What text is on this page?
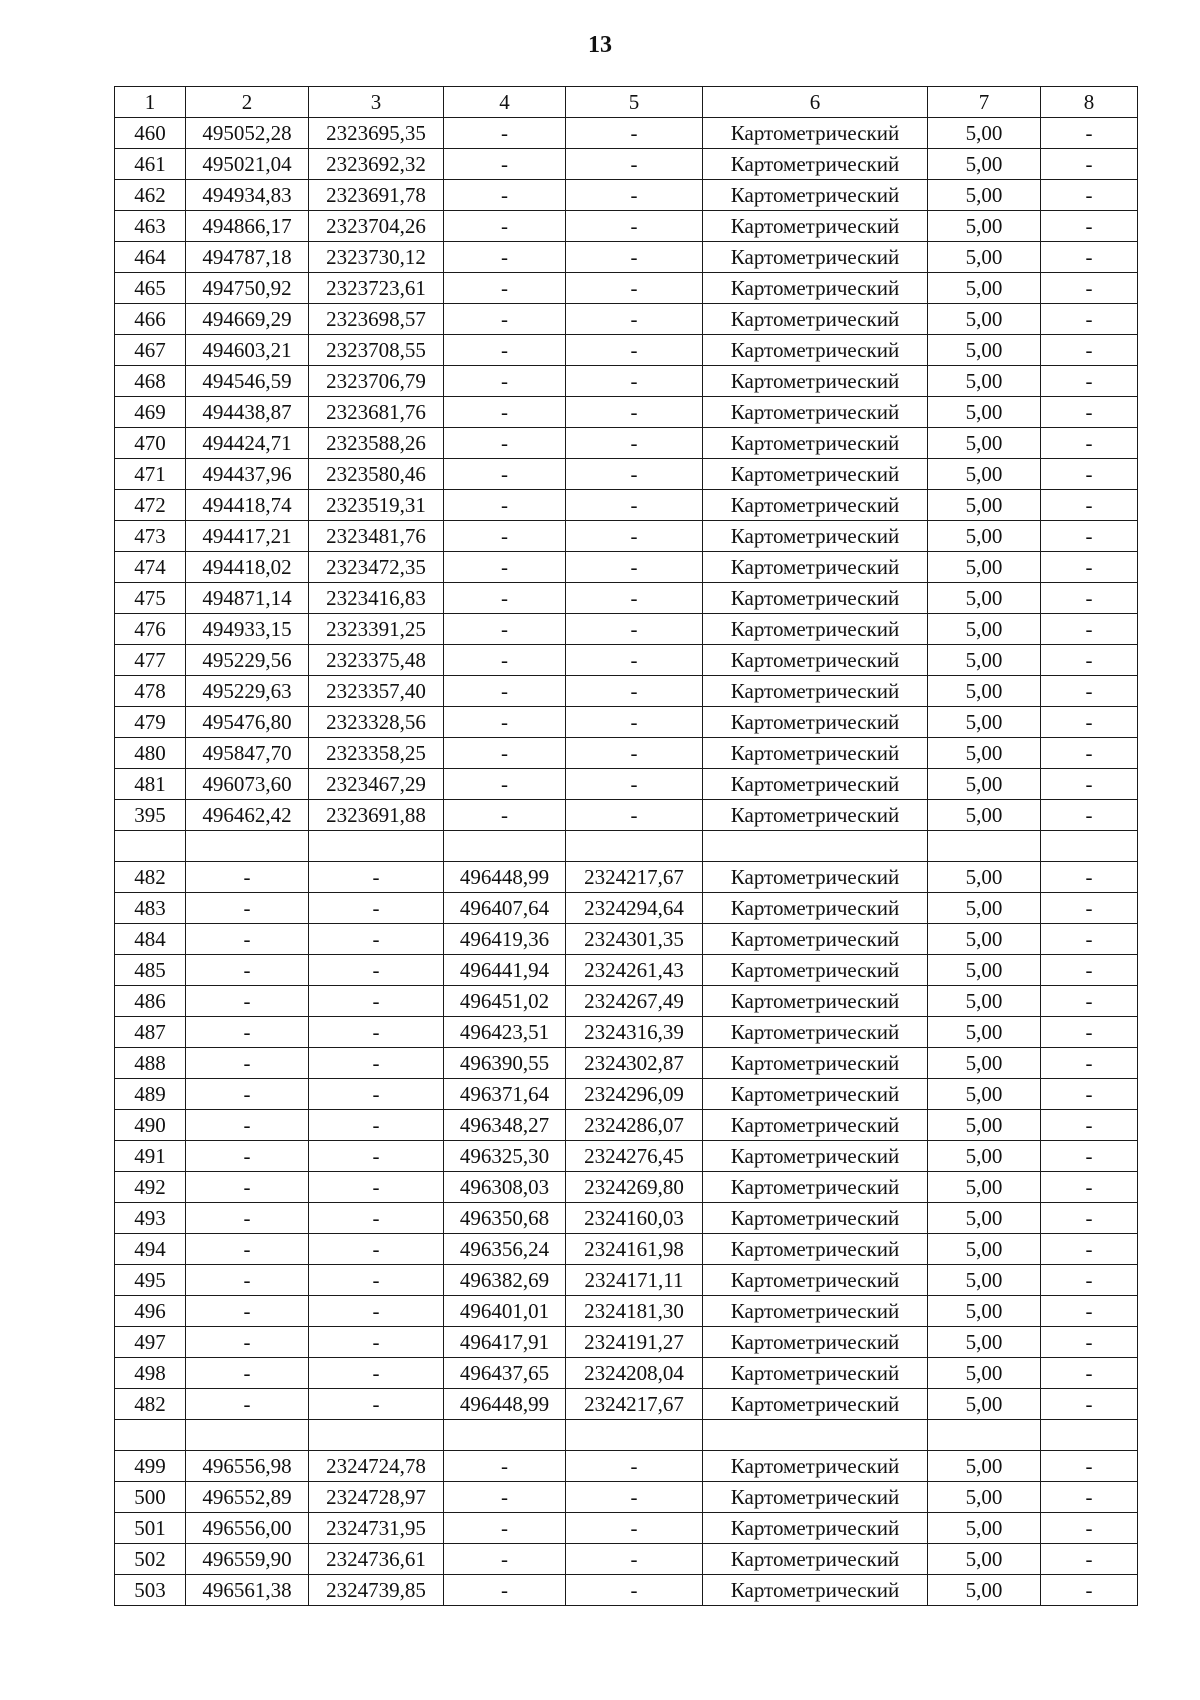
13
1	2	3	4	5	6	7	8
460	495052,28	2323695,35	-	-	Картометрический	5,00	-
461	495021,04	2323692,32	-	-	Картометрический	5,00	-
462	494934,83	2323691,78	-	-	Картометрический	5,00	-
463	494866,17	2323704,26	-	-	Картометрический	5,00	-
464	494787,18	2323730,12	-	-	Картометрический	5,00	-
465	494750,92	2323723,61	-	-	Картометрический	5,00	-
466	494669,29	2323698,57	-	-	Картометрический	5,00	-
467	494603,21	2323708,55	-	-	Картометрический	5,00	-
468	494546,59	2323706,79	-	-	Картометрический	5,00	-
469	494438,87	2323681,76	-	-	Картометрический	5,00	-
470	494424,71	2323588,26	-	-	Картометрический	5,00	-
471	494437,96	2323580,46	-	-	Картометрический	5,00	-
472	494418,74	2323519,31	-	-	Картометрический	5,00	-
473	494417,21	2323481,76	-	-	Картометрический	5,00	-
474	494418,02	2323472,35	-	-	Картометрический	5,00	-
475	494871,14	2323416,83	-	-	Картометрический	5,00	-
476	494933,15	2323391,25	-	-	Картометрический	5,00	-
477	495229,56	2323375,48	-	-	Картометрический	5,00	-
478	495229,63	2323357,40	-	-	Картометрический	5,00	-
479	495476,80	2323328,56	-	-	Картометрический	5,00	-
480	495847,70	2323358,25	-	-	Картометрический	5,00	-
481	496073,60	2323467,29	-	-	Картометрический	5,00	-
395	496462,42	2323691,88	-	-	Картометрический	5,00	-

482	-	-	496448,99	2324217,67	Картометрический	5,00	-
483	-	-	496407,64	2324294,64	Картометрический	5,00	-
484	-	-	496419,36	2324301,35	Картометрический	5,00	-
485	-	-	496441,94	2324261,43	Картометрический	5,00	-
486	-	-	496451,02	2324267,49	Картометрический	5,00	-
487	-	-	496423,51	2324316,39	Картометрический	5,00	-
488	-	-	496390,55	2324302,87	Картометрический	5,00	-
489	-	-	496371,64	2324296,09	Картометрический	5,00	-
490	-	-	496348,27	2324286,07	Картометрический	5,00	-
491	-	-	496325,30	2324276,45	Картометрический	5,00	-
492	-	-	496308,03	2324269,80	Картометрический	5,00	-
493	-	-	496350,68	2324160,03	Картометрический	5,00	-
494	-	-	496356,24	2324161,98	Картометрический	5,00	-
495	-	-	496382,69	2324171,11	Картометрический	5,00	-
496	-	-	496401,01	2324181,30	Картометрический	5,00	-
497	-	-	496417,91	2324191,27	Картометрический	5,00	-
498	-	-	496437,65	2324208,04	Картометрический	5,00	-
482	-	-	496448,99	2324217,67	Картометрический	5,00	-

499	496556,98	2324724,78	-	-	Картометрический	5,00	-
500	496552,89	2324728,97	-	-	Картометрический	5,00	-
501	496556,00	2324731,95	-	-	Картометрический	5,00	-
502	496559,90	2324736,61	-	-	Картометрический	5,00	-
503	496561,38	2324739,85	-	-	Картометрический	5,00	-
